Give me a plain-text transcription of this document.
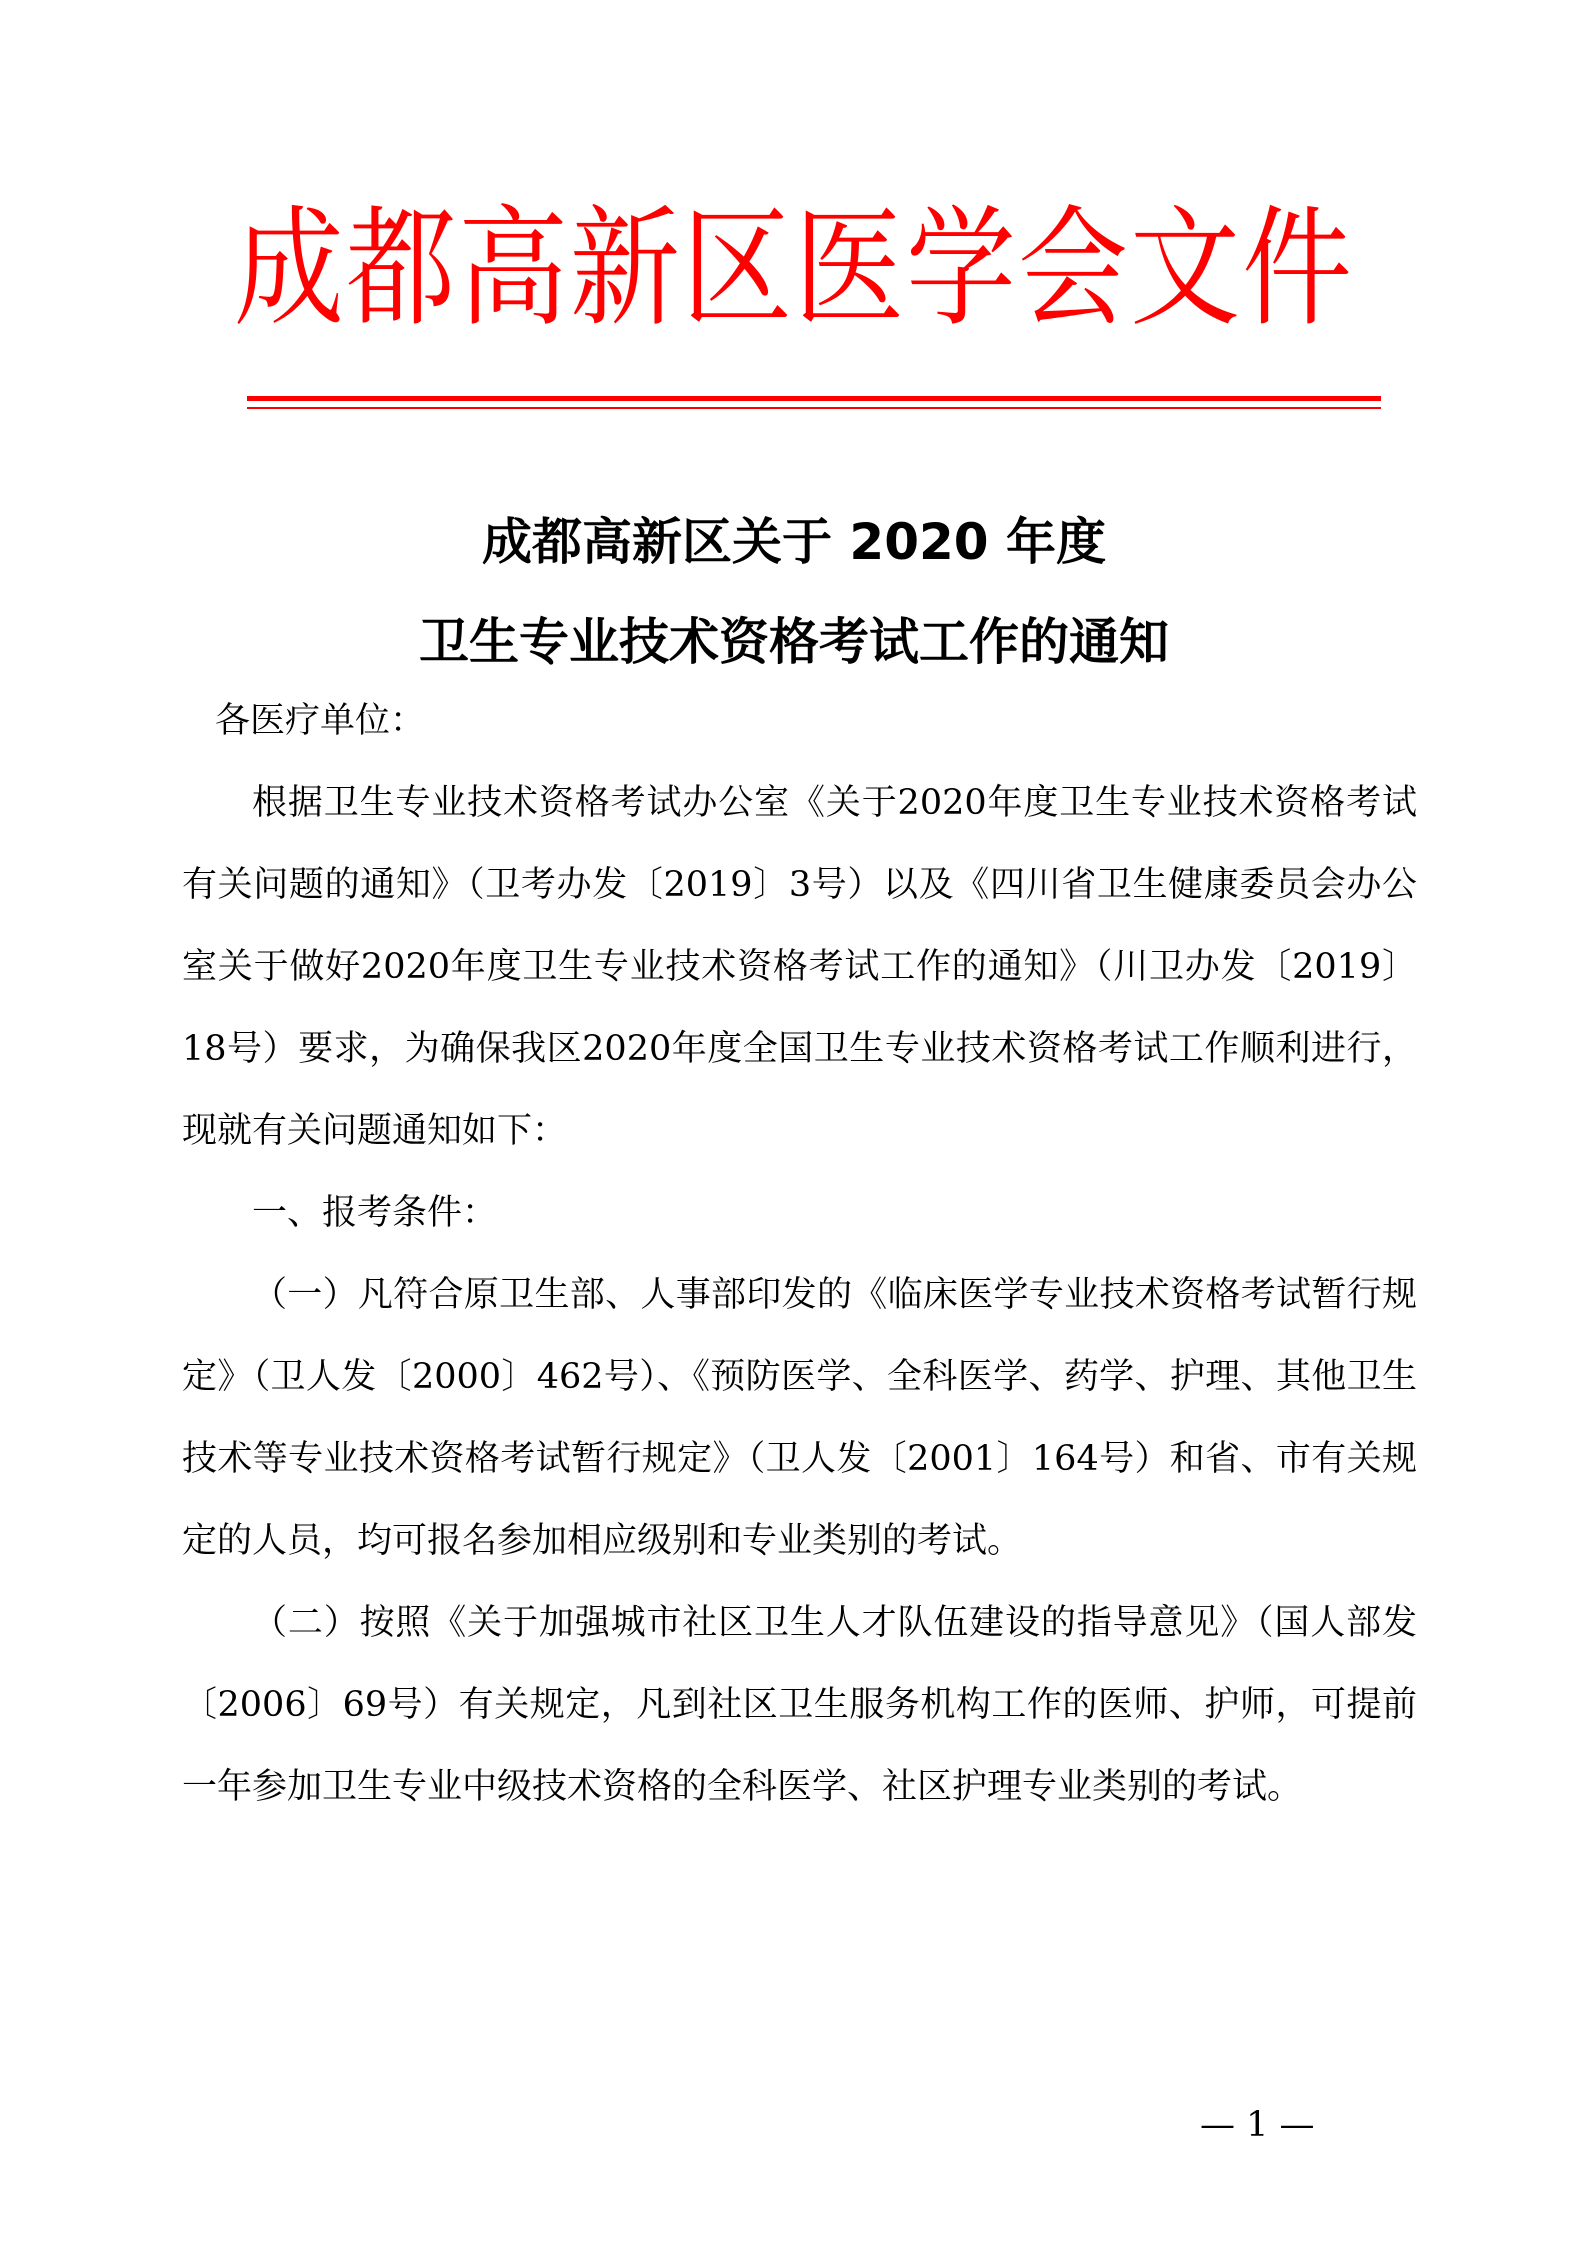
成都高新区医学会文件
成都高新区关于 2020 年度
卫生专业技术资格考试工作的通知
各医疗单位：

根据卫生专业技术资格考试办公室《关于2020年度卫生专业技术资格考试有关问题的通知》（卫考办发〔2019〕3号）以及《四川省卫生健康委员会办公室关于做好2020年度卫生专业技术资格考试工作的通知》（川卫办发〔2019〕18号）要求，为确保我区2020年度全国卫生专业技术资格考试工作顺利进行，现就有关问题通知如下：

一、报考条件：

（一）凡符合原卫生部、人事部印发的《临床医学专业技术资格考试暂行规定》（卫人发〔2000〕462号）、《预防医学、全科医学、药学、护理、其他卫生技术等专业技术资格考试暂行规定》（卫人发〔2001〕164号）和省、市有关规定的人员，均可报名参加相应级别和专业类别的考试。

（二）按照《关于加强城市社区卫生人才队伍建设的指导意见》（国人部发〔2006〕69号）有关规定，凡到社区卫生服务机构工作的医师、护师，可提前一年参加卫生专业中级技术资格的全科医学、社区护理专业类别的考试。

— 1 —
